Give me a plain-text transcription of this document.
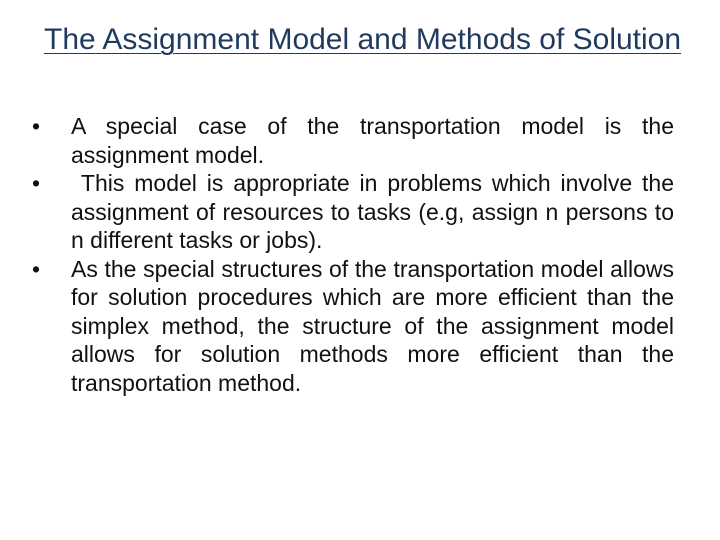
The Assignment Model and Methods of Solution
• A special case of the transportation model is the assignment model.
• This model is appropriate in problems which involve the assignment of resources to tasks (e.g, assign n persons to n different tasks or jobs).
• As the special structures of the transportation model allows for solution procedures which are more efficient than the simplex method, the structure of the assignment model allows for solution methods more efficient than the transportation method.
